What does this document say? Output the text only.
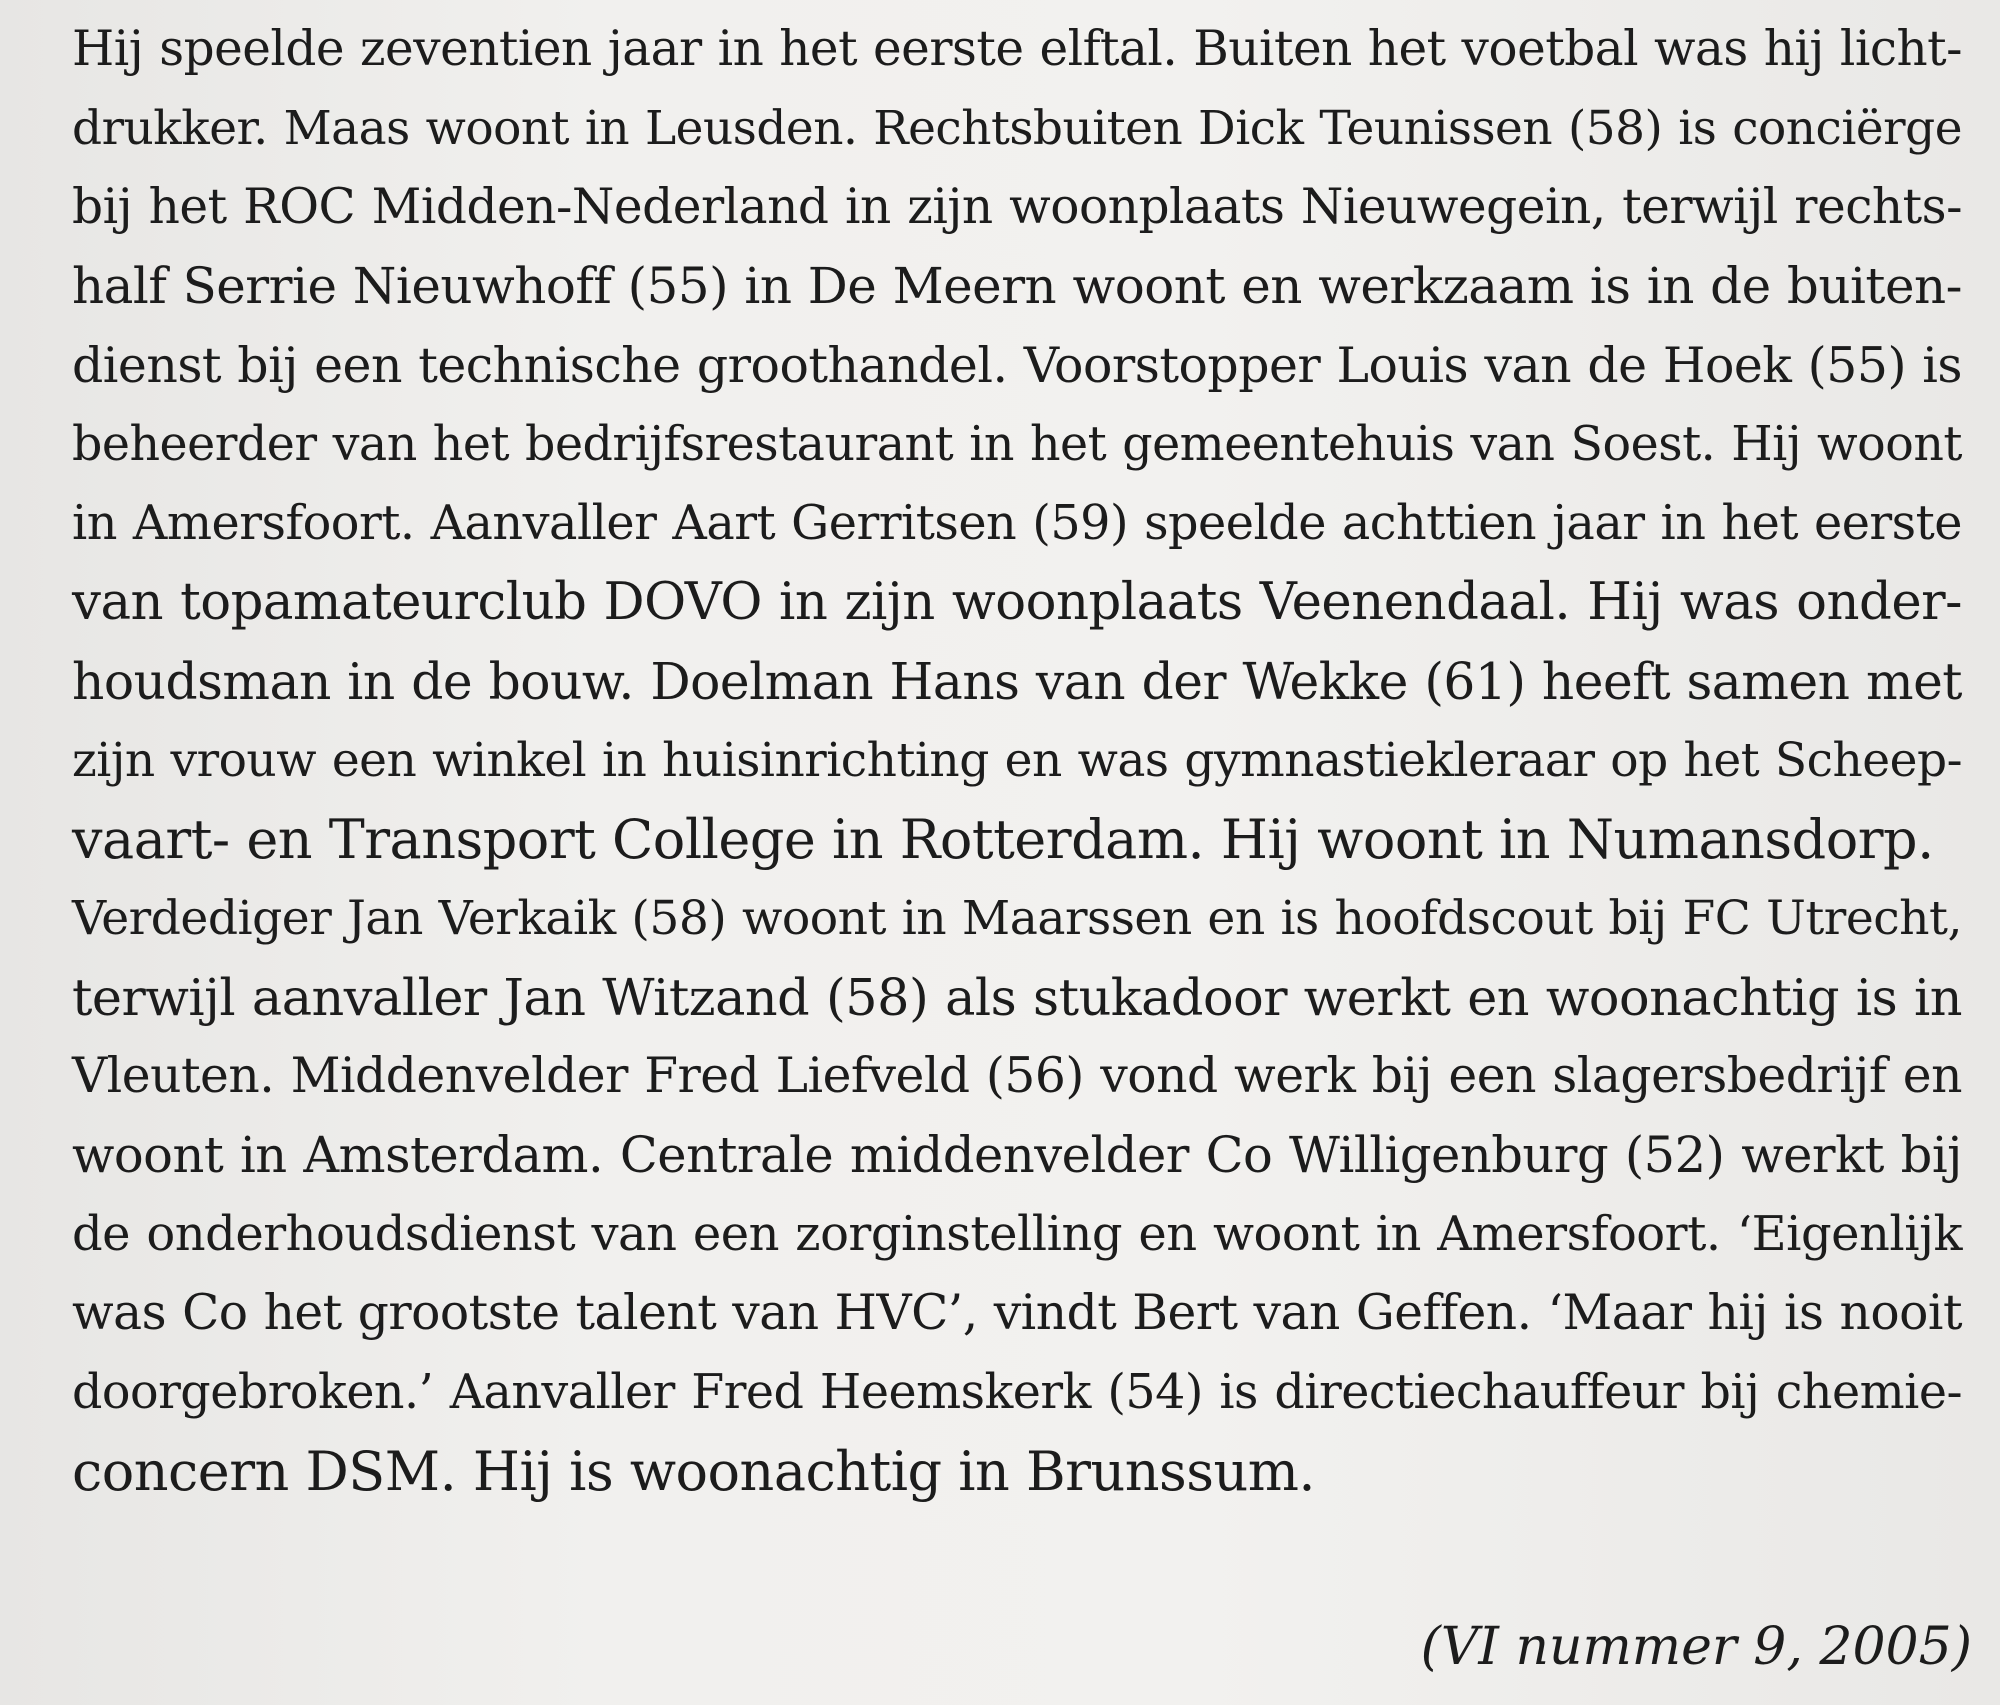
Hij speelde zeventien jaar in het eerste elftal. Buiten het voetbal was hij licht-
drukker. Maas woont in Leusden. Rechtsbuiten Dick Teunissen (58) is conciërge
bij het ROC Midden-Nederland in zijn woonplaats Nieuwegein, terwijl rechts-
half Serrie Nieuwhoff (55) in De Meern woont en werkzaam is in de buiten-
dienst bij een technische groothandel. Voorstopper Louis van de Hoek (55) is
beheerder van het bedrijfsrestaurant in het gemeentehuis van Soest. Hij woont
in Amersfoort. Aanvaller Aart Gerritsen (59) speelde achttien jaar in het eerste
van topamateurclub DOVO in zijn woonplaats Veenendaal. Hij was onder-
houdsman in de bouw. Doelman Hans van der Wekke (61) heeft samen met
zijn vrouw een winkel in huisinrichting en was gymnastiekleraar op het Scheep-
vaart- en Transport College in Rotterdam. Hij woont in Numansdorp.
Verdediger Jan Verkaik (58) woont in Maarssen en is hoofdscout bij FC Utrecht,
terwijl aanvaller Jan Witzand (58) als stukadoor werkt en woonachtig is in
Vleuten. Middenvelder Fred Liefveld (56) vond werk bij een slagersbedrijf en
woont in Amsterdam. Centrale middenvelder Co Willigenburg (52) werkt bij
de onderhoudsdienst van een zorginstelling en woont in Amersfoort. ‘Eigenlijk
was Co het grootste talent van HVC’, vindt Bert van Geffen. ‘Maar hij is nooit
doorgebroken.’ Aanvaller Fred Heemskerk (54) is directiechauffeur bij chemie-
concern DSM. Hij is woonachtig in Brunssum.
(VI nummer 9, 2005)
